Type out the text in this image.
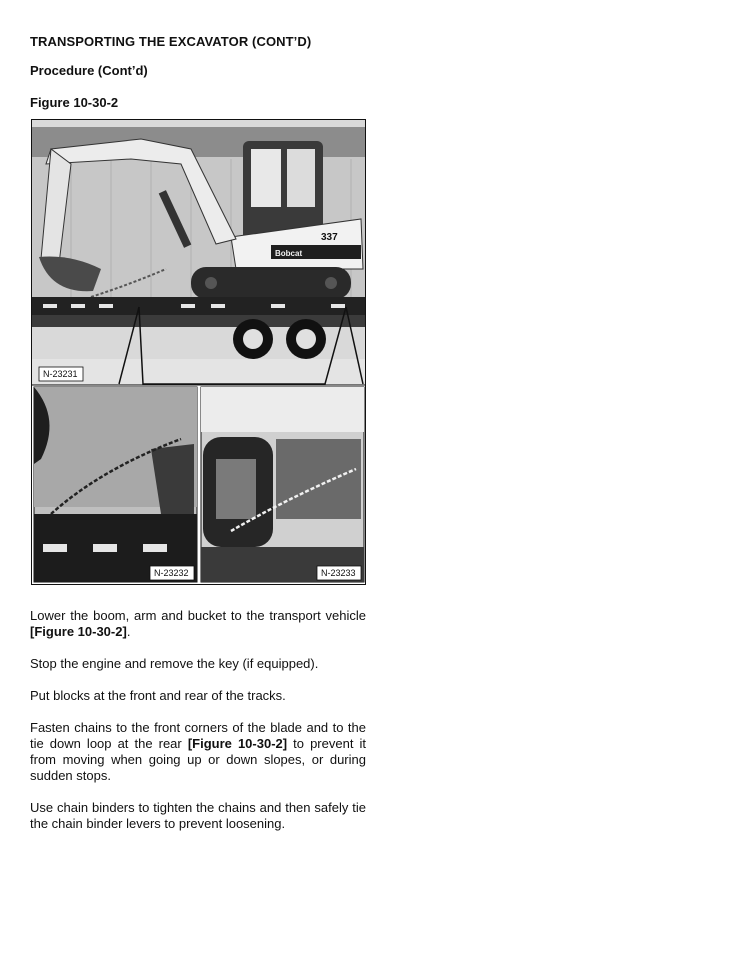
TRANSPORTING THE EXCAVATOR (CONT’D)
Procedure (Cont’d)
Figure 10-30-2
337
Bobcat
N-23231
N-23232	N-23233
Lower the boom, arm and bucket to the transport vehicle [Figure 10-30-2].
Stop the engine and remove the key (if equipped).
Put blocks at the front and rear of the tracks.
Fasten chains to the front corners of the blade and to the tie down loop at the rear [Figure 10-30-2] to prevent it from moving when going up or down slopes, or during sudden stops.
Use chain binders to tighten the chains and then safely tie the chain binder levers to prevent loosening.
